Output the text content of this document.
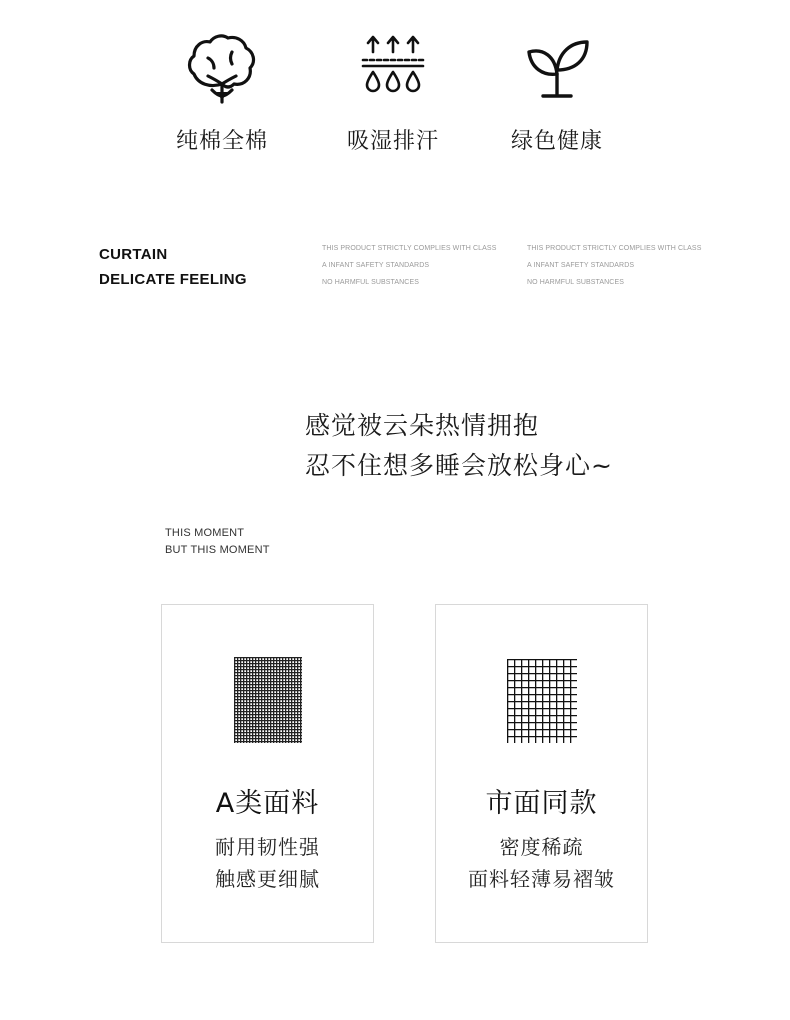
纯棉全棉	吸湿排汗	绿色健康
CURTAIN
DELICATE FEELING
THIS PRODUCT STRICTLY COMPLIES WITH CLASS
A INFANT SAFETY STANDARDS
NO HARMFUL SUBSTANCES
THIS PRODUCT STRICTLY COMPLIES WITH CLASS
A INFANT SAFETY STANDARDS
NO HARMFUL SUBSTANCES
感觉被云朵热情拥抱
忍不住想多睡会放松身心~
THIS MOMENT
BUT THIS MOMENT
A类面料
耐用韧性强
触感更细腻
市面同款
密度稀疏
面料轻薄易褶皱
